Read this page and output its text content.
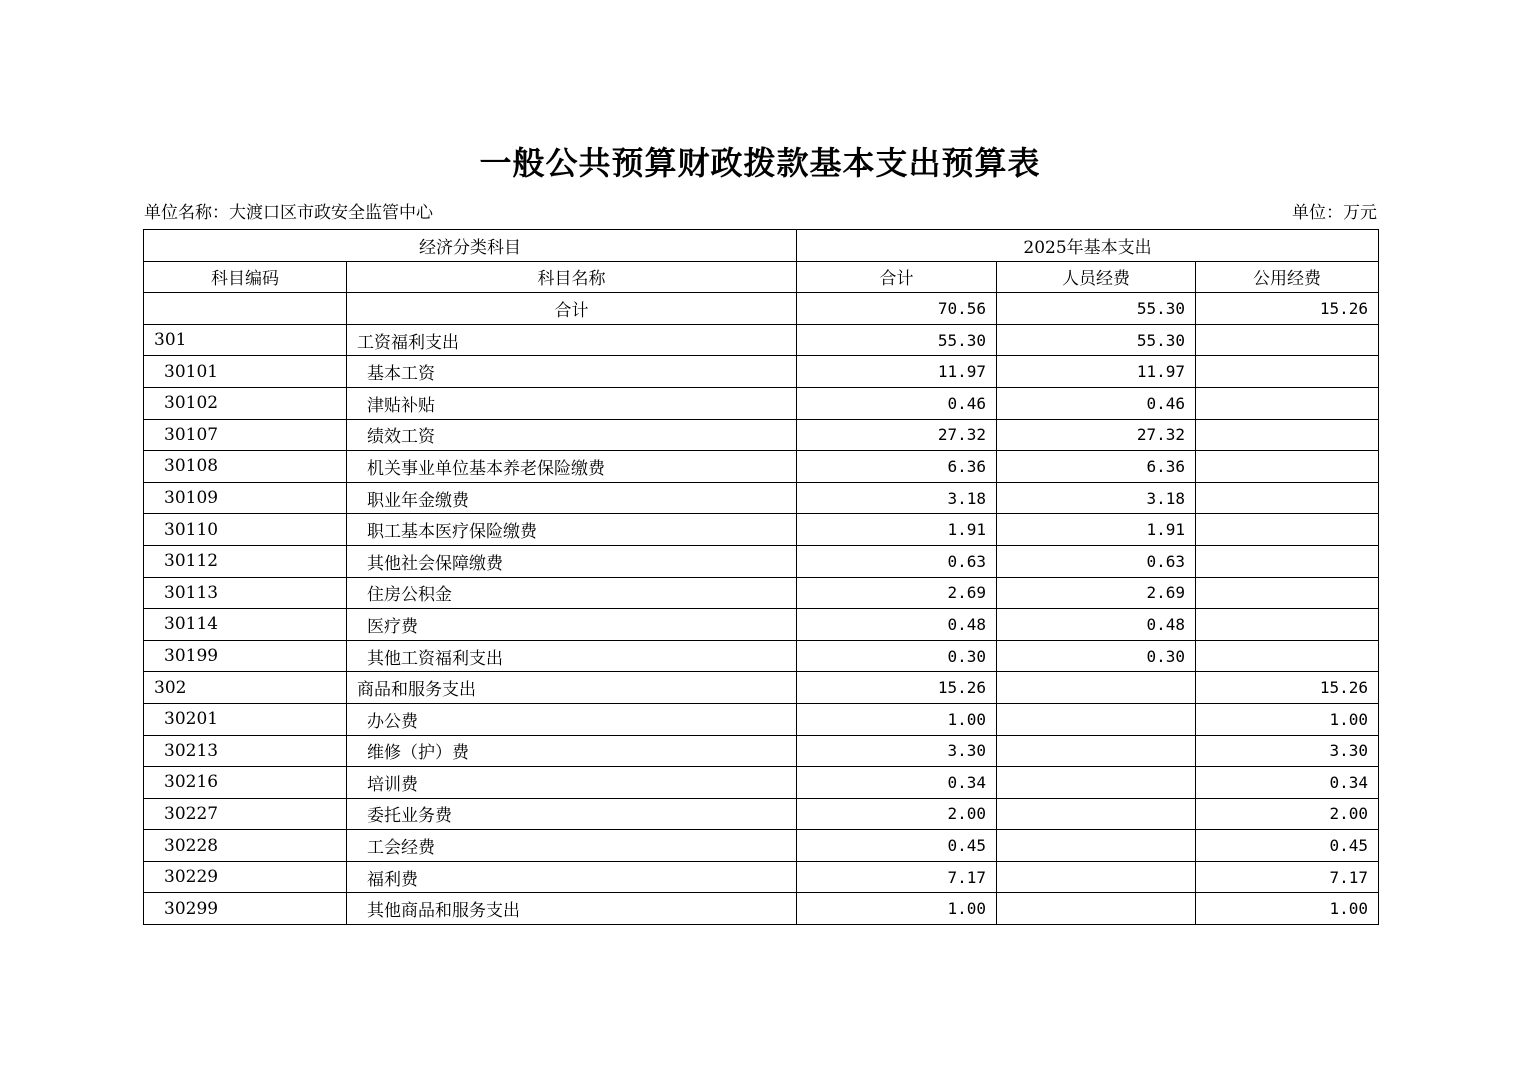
一般公共预算财政拨款基本支出预算表
单位名称：大渡口区市政安全监管中心	单位：万元
经济分类科目		2025年基本支出		
科目编码	科目名称	合计	人员经费	公用经费
	合计	70.56	55.30	15.26
301	工资福利支出	55.30	55.30	
30101	基本工资	11.97	11.97	
30102	津贴补贴	0.46	0.46	
30107	绩效工资	27.32	27.32	
30108	机关事业单位基本养老保险缴费	6.36	6.36	
30109	职业年金缴费	3.18	3.18	
30110	职工基本医疗保险缴费	1.91	1.91	
30112	其他社会保障缴费	0.63	0.63	
30113	住房公积金	2.69	2.69	
30114	医疗费	0.48	0.48	
30199	其他工资福利支出	0.30	0.30	
302	商品和服务支出	15.26		15.26
30201	办公费	1.00		1.00
30213	维修（护）费	3.30		3.30
30216	培训费	0.34		0.34
30227	委托业务费	2.00		2.00
30228	工会经费	0.45		0.45
30229	福利费	7.17		7.17
30299	其他商品和服务支出	1.00		1.00
